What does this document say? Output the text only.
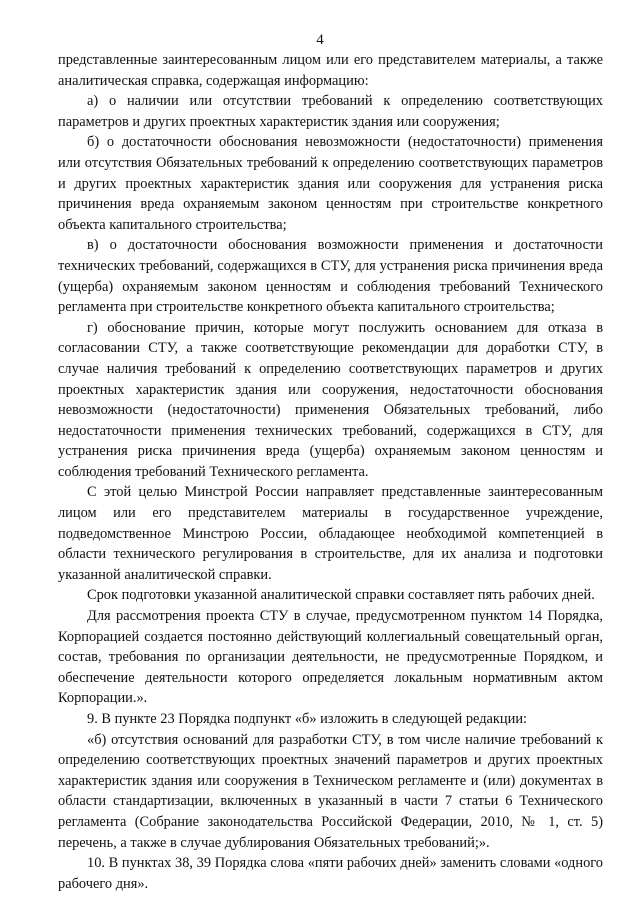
4

представленные заинтересованным лицом или его представителем материалы, а также аналитическая справка, содержащая информацию:

а) о наличии или отсутствии требований к определению соответствующих параметров и других проектных характеристик здания или сооружения;

б) о достаточности обоснования невозможности (недостаточности) применения или отсутствия Обязательных требований к определению соответствующих параметров и других проектных характеристик здания или сооружения для устранения риска причинения вреда охраняемым законом ценностям при строительстве конкретного объекта капитального строительства;

в) о достаточности обоснования возможности применения и достаточности технических требований, содержащихся в СТУ, для устранения риска причинения вреда (ущерба) охраняемым законом ценностям и соблюдения требований Технического регламента при строительстве конкретного объекта капитального строительства;

г) обоснование причин, которые могут послужить основанием для отказа в согласовании СТУ, а также соответствующие рекомендации для доработки СТУ, в случае наличия требований к определению соответствующих параметров и других проектных характеристик здания или сооружения, недостаточности обоснования невозможности (недостаточности) применения Обязательных требований, либо недостаточности применения технических требований, содержащихся в СТУ, для устранения риска причинения вреда (ущерба) охраняемым законом ценностям и соблюдения требований Технического регламента.

С этой целью Минстрой России направляет представленные заинтересованным лицом или его представителем материалы в государственное учреждение, подведомственное Минстрою России, обладающее необходимой компетенцией в области технического регулирования в строительстве, для их анализа и подготовки указанной аналитической справки.

Срок подготовки указанной аналитической справки составляет пять рабочих дней.

Для рассмотрения проекта СТУ в случае, предусмотренном пунктом 14 Порядка, Корпорацией создается постоянно действующий коллегиальный совещательный орган, состав, требования по организации деятельности, не предусмотренные Порядком, и обеспечение деятельности которого определяется локальным нормативным актом Корпорации.».

9. В пункте 23 Порядка подпункт «б» изложить в следующей редакции:

«б) отсутствия оснований для разработки СТУ, в том числе наличие требований к определению соответствующих проектных значений параметров и других проектных характеристик здания или сооружения в Техническом регламенте и (или) документах в области стандартизации, включенных в указанный в части 7 статьи 6 Технического регламента (Собрание законодательства Российской Федерации, 2010, № 1, ст. 5) перечень, а также в случае дублирования Обязательных требований;».

10. В пунктах 38, 39 Порядка слова «пяти рабочих дней» заменить словами «одного рабочего дня».
